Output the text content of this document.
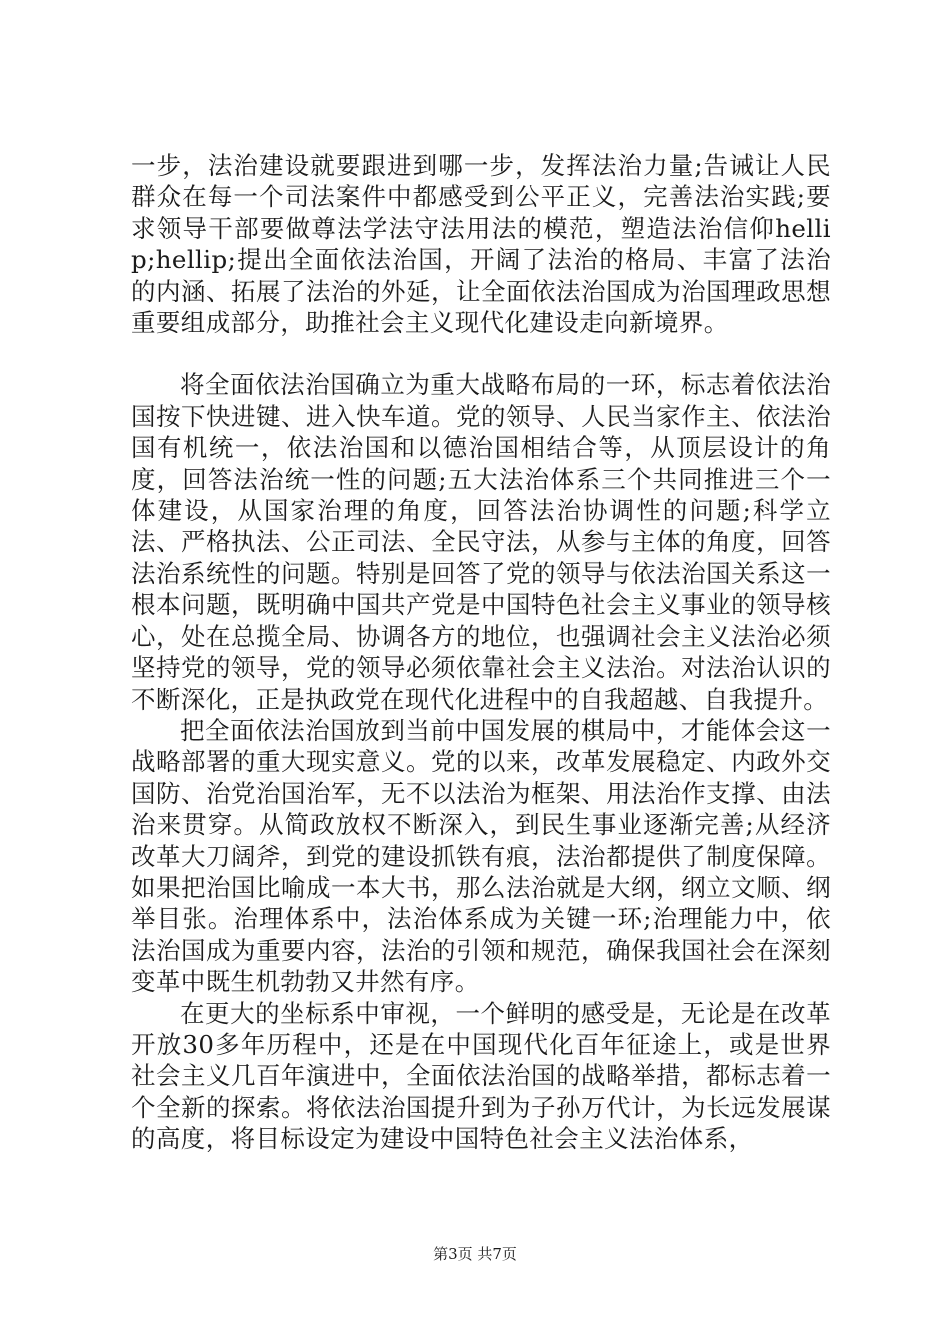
一步，法治建设就要跟进到哪一步，发挥法治力量;告诫让人民群众在每一个司法案件中都感受到公平正义，完善法治实践;要求领导干部要做尊法学法守法用法的模范，塑造法治信仰hellip;hellip;提出全面依法治国，开阔了法治的格局、丰富了法治的内涵、拓展了法治的外延，让全面依法治国成为治国理政思想重要组成部分，助推社会主义现代化建设走向新境界。

将全面依法治国确立为重大战略布局的一环，标志着依法治国按下快进键、进入快车道。党的领导、人民当家作主、依法治国有机统一，依法治国和以德治国相结合等，从顶层设计的角度，回答法治统一性的问题;五大法治体系三个共同推进三个一体建设，从国家治理的角度，回答法治协调性的问题;科学立法、严格执法、公正司法、全民守法，从参与主体的角度，回答法治系统性的问题。特别是回答了党的领导与依法治国关系这一根本问题，既明确中国共产党是中国特色社会主义事业的领导核心，处在总揽全局、协调各方的地位，也强调社会主义法治必须坚持党的领导，党的领导必须依靠社会主义法治。对法治认识的不断深化，正是执政党在现代化进程中的自我超越、自我提升。

把全面依法治国放到当前中国发展的棋局中，才能体会这一战略部署的重大现实意义。党的以来，改革发展稳定、内政外交国防、治党治国治军，无不以法治为框架、用法治作支撑、由法治来贯穿。从简政放权不断深入，到民生事业逐渐完善;从经济改革大刀阔斧，到党的建设抓铁有痕，法治都提供了制度保障。如果把治国比喻成一本大书，那么法治就是大纲，纲立文顺、纲举目张。治理体系中，法治体系成为关键一环;治理能力中，依法治国成为重要内容，法治的引领和规范，确保我国社会在深刻变革中既生机勃勃又井然有序。

在更大的坐标系中审视，一个鲜明的感受是，无论是在改革开放30多年历程中，还是在中国现代化百年征途上，或是世界社会主义几百年演进中，全面依法治国的战略举措，都标志着一个全新的探索。将依法治国提升到为子孙万代计，为长远发展谋的高度，将目标设定为建设中国特色社会主义法治体系，

第3页 共7页
